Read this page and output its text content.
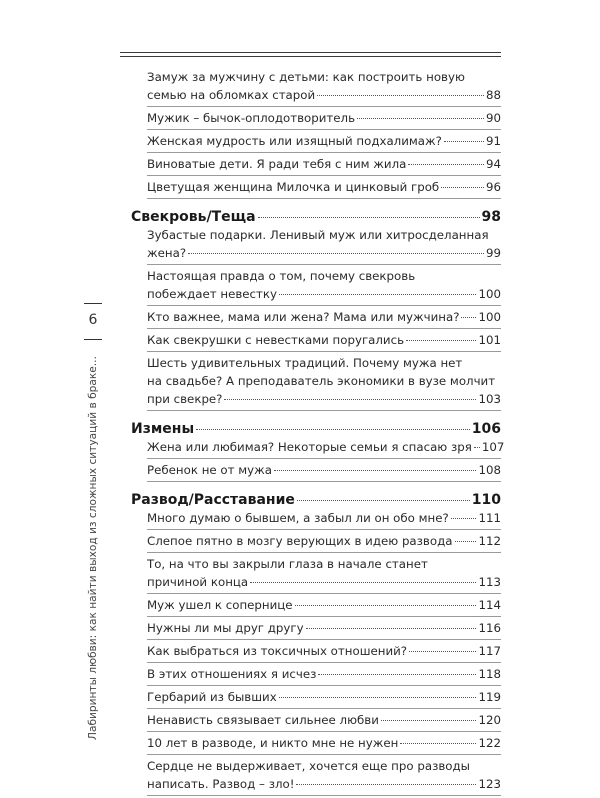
6
Лабиринты любви: как найти выход из сложных ситуаций в браке...
Замуж за мужчину с детьми: как построить новую
семью на обломках старой	88
Мужик – бычок-оплодотворитель	90
Женская мудрость или изящный подхалимаж?	91
Виноватые дети. Я ради тебя с ним жила	94
Цветущая женщина Милочка и цинковый гроб	96
Свекровь/Теща	98
Зубастые подарки. Ленивый муж или хитросделанная
жена?	99
Настоящая правда о том, почему свекровь
побеждает невестку	100
Кто важнее, мама или жена? Мама или мужчина? 100
Как свекрушки с невестками поругались	101
Шесть удивительных традиций. Почему мужа нет
на свадьбе? А преподаватель экономики в вузе молчит
при свекре?	103
Измены	106
Жена или любимая? Некоторые семьи я спасаю зря 107
Ребенок не от мужа	108
Развод/Расставание	110
Много думаю о бывшем, а забыл ли он обо мне?	111
Слепое пятно в мозгу верующих в идею развода 112
То, на что вы закрыли глаза в начале станет
причиной конца	113
Муж ушел к сопернице	114
Нужны ли мы друг другу	116
Как выбраться из токсичных отношений?	117
В этих отношениях я исчез	118
Гербарий из бывших	119
Ненависть связывает сильнее любви	120
10 лет в разводе, и никто мне не нужен	122
Сердце не выдерживает, хочется еще про разводы
написать. Развод – зло!	123
